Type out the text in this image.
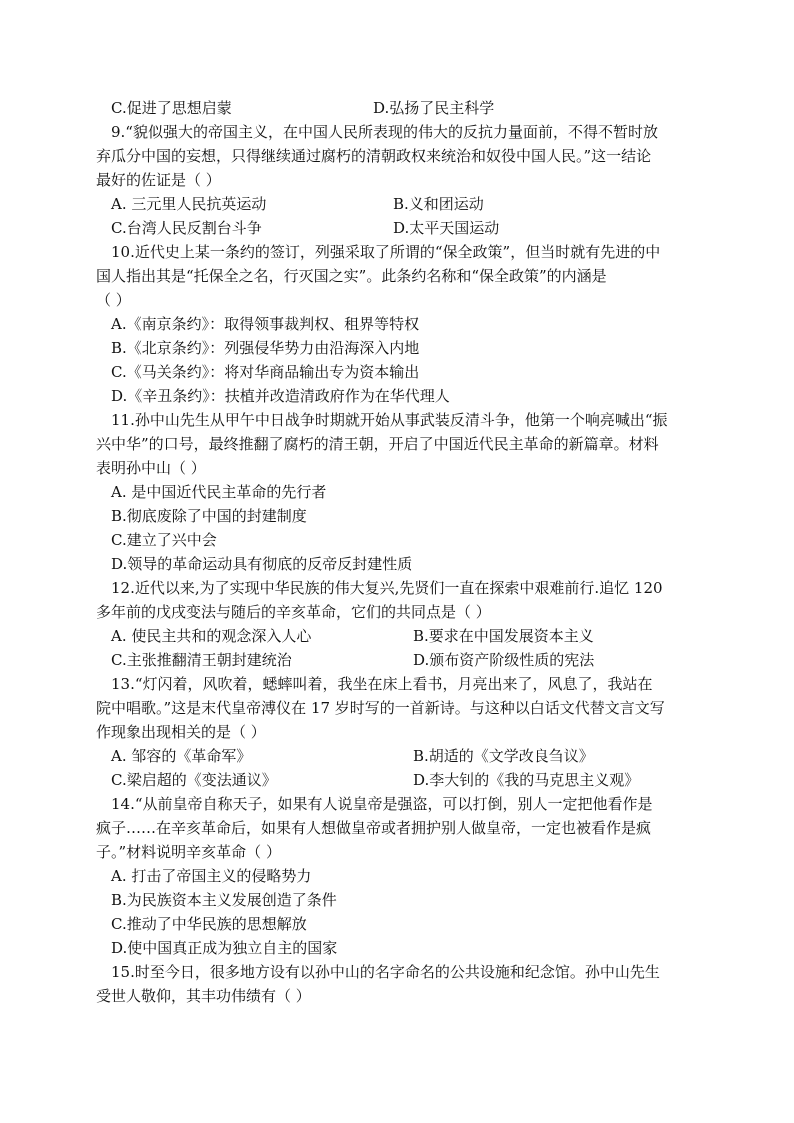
C.促进了思想启蒙	D.弘扬了民主科学
9.“貌似强大的帝国主义，在中国人民所表现的伟大的反抗力量面前，不得不暂时放
弃瓜分中国的妄想，只得继续通过腐朽的清朝政权来统治和奴役中国人民。”这一结论
最好的佐证是（ ）
A. 三元里人民抗英运动	B.义和团运动
C.台湾人民反割台斗争	D.太平天国运动
10.近代史上某一条约的签订，列强采取了所谓的“保全政策”，但当时就有先进的中
国人指出其是“托保全之名，行灭国之实”。此条约名称和“保全政策”的内涵是
（ ）
A.《南京条约》：取得领事裁判权、租界等特权
B.《北京条约》：列强侵华势力由沿海深入内地
C.《马关条约》：将对华商品输出专为资本输出
D.《辛丑条约》：扶植并改造清政府作为在华代理人
11.孙中山先生从甲午中日战争时期就开始从事武装反清斗争，他第一个响亮喊出“振
兴中华”的口号，最终推翻了腐朽的清王朝，开启了中国近代民主革命的新篇章。材料
表明孙中山（ ）
A. 是中国近代民主革命的先行者
B.彻底废除了中国的封建制度
C.建立了兴中会
D.领导的革命运动具有彻底的反帝反封建性质
12.近代以来,为了实现中华民族的伟大复兴,先贤们一直在探索中艰难前行.追忆 120
多年前的戊戌变法与随后的辛亥革命，它们的共同点是（ ）
A. 使民主共和的观念深入人心	B.要求在中国发展资本主义
C.主张推翻清王朝封建统治	D.颁布资产阶级性质的宪法
13.“灯闪着，风吹着，蟋蟀叫着，我坐在床上看书，月亮出来了，风息了，我站在
院中唱歌。”这是末代皇帝溥仪在 17 岁时写的一首新诗。与这种以白话文代替文言文写
作现象出现相关的是（ ）
A. 邹容的《革命军》	B.胡适的《文学改良刍议》
C.梁启超的《变法通议》	D.李大钊的《我的马克思主义观》
14.“从前皇帝自称天子，如果有人说皇帝是强盗，可以打倒，别人一定把他看作是
疯子……在辛亥革命后，如果有人想做皇帝或者拥护别人做皇帝，一定也被看作是疯
子。”材料说明辛亥革命（ ）
A. 打击了帝国主义的侵略势力
B.为民族资本主义发展创造了条件
C.推动了中华民族的思想解放
D.使中国真正成为独立自主的国家
15.时至今日，很多地方设有以孙中山的名字命名的公共设施和纪念馆。孙中山先生
受世人敬仰，其丰功伟绩有（ ）
